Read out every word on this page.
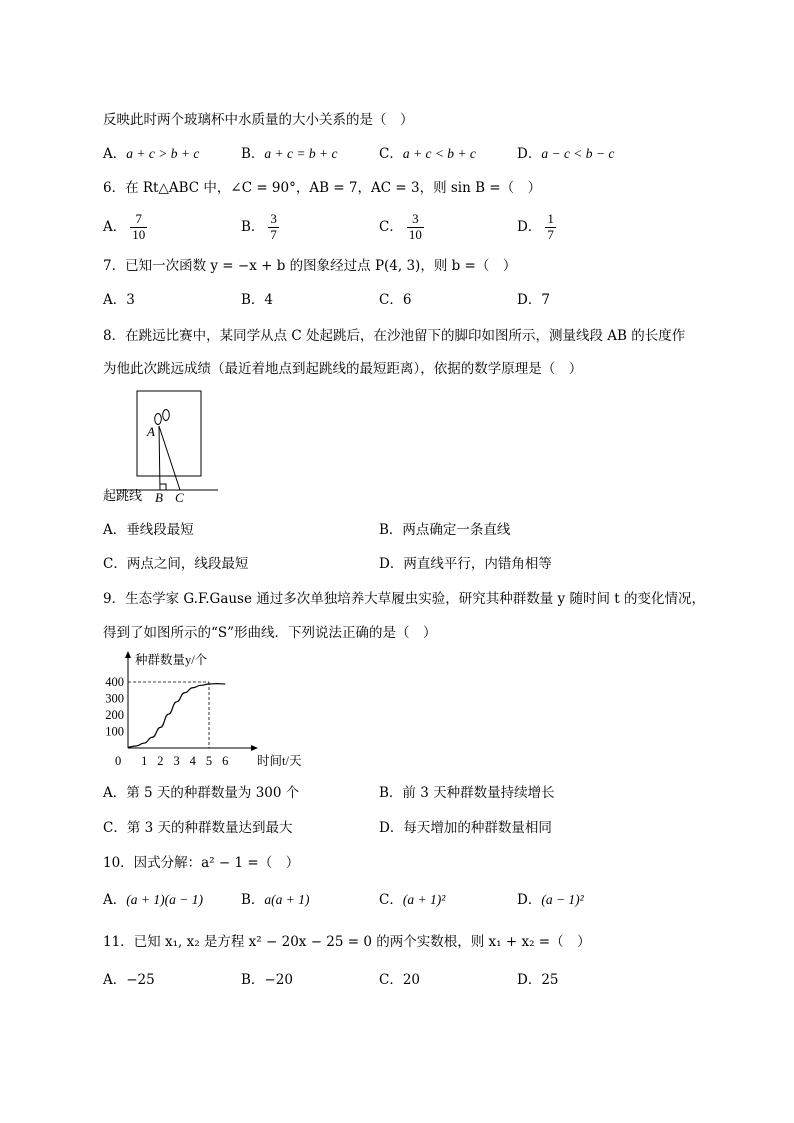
反映此时两个玻璃杯中水质量的大小关系的是（　）
A．a + c > b + c	B．a + c = b + c	C．a + c < b + c	D．a − c < b − c
6．在 Rt△ABC 中，∠C = 90°，AB = 7，AC = 3，则 sin B =（　）
A． $\frac{7}{10}$	B． $\frac{3}{7}$	C． $\frac{3}{10}$	D． $\frac{1}{7}$
7．已知一次函数 y = −x + b 的图象经过点 P(4, 3)，则 b =（　）
A．3	B．4	C．6	D．7
8．在跳远比赛中，某同学从点 C 处起跳后，在沙池留下的脚印如图所示，测量线段 AB 的长度作
为他此次跳远成绩（最近着地点到起跳线的最短距离），依据的数学原理是（　）
A
B C
起跳线
A．垂线段最短	B．两点确定一条直线
C．两点之间，线段最短	D．两直线平行，内错角相等
9．生态学家 G.F.Gause 通过多次单独培养大草履虫实验，研究其种群数量 y 随时间 t 的变化情况，
得到了如图所示的“S”形曲线．下列说法正确的是（　）
种群数量y/个
时间t/天
0
100
200
300
400
1 2 3 4 5 6
A．第 5 天的种群数量为 300 个	B．前 3 天种群数量持续增长
C．第 3 天的种群数量达到最大	D．每天增加的种群数量相同
10．因式分解：a² − 1 =（　）
A．(a + 1)(a − 1)	B．a(a + 1)	C．(a + 1)²	D．(a − 1)²
11．已知 x₁, x₂ 是方程 x² − 20x − 25 = 0 的两个实数根，则 x₁ + x₂ =（　）
A．−25	B．−20	C．20	D．25
